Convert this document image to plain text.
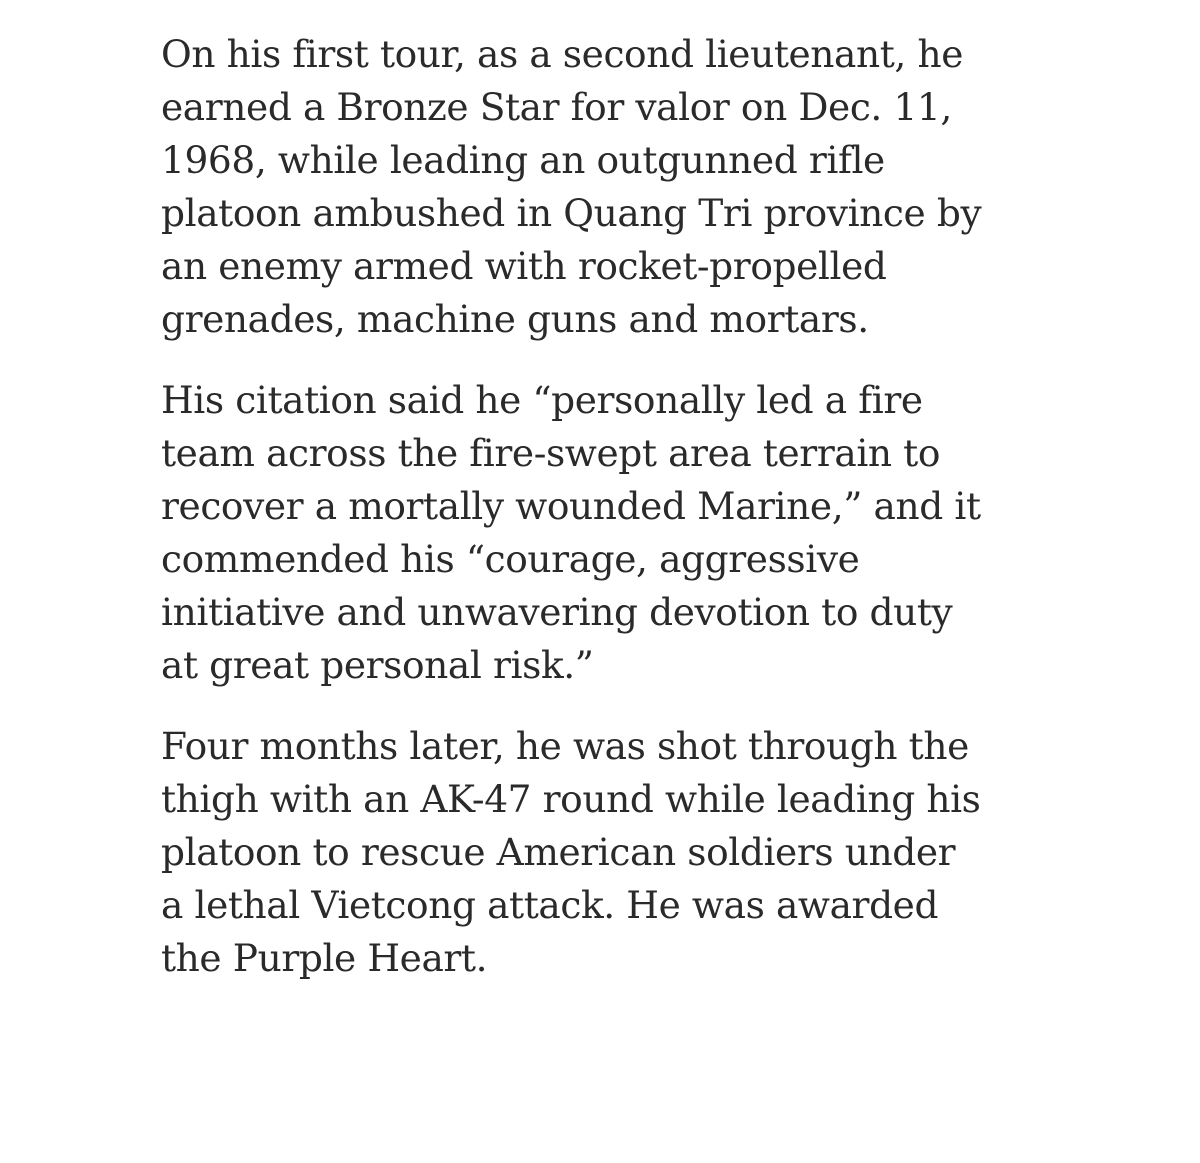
On his first tour, as a second lieutenant, he
earned a Bronze Star for valor on Dec. 11,
1968, while leading an outgunned rifle
platoon ambushed in Quang Tri province by
an enemy armed with rocket-propelled
grenades, machine guns and mortars.

His citation said he “personally led a fire
team across the fire-swept area terrain to
recover a mortally wounded Marine,” and it
commended his “courage, aggressive
initiative and unwavering devotion to duty
at great personal risk.”

Four months later, he was shot through the
thigh with an AK-47 round while leading his
platoon to rescue American soldiers under
a lethal Vietcong attack. He was awarded
the Purple Heart.
